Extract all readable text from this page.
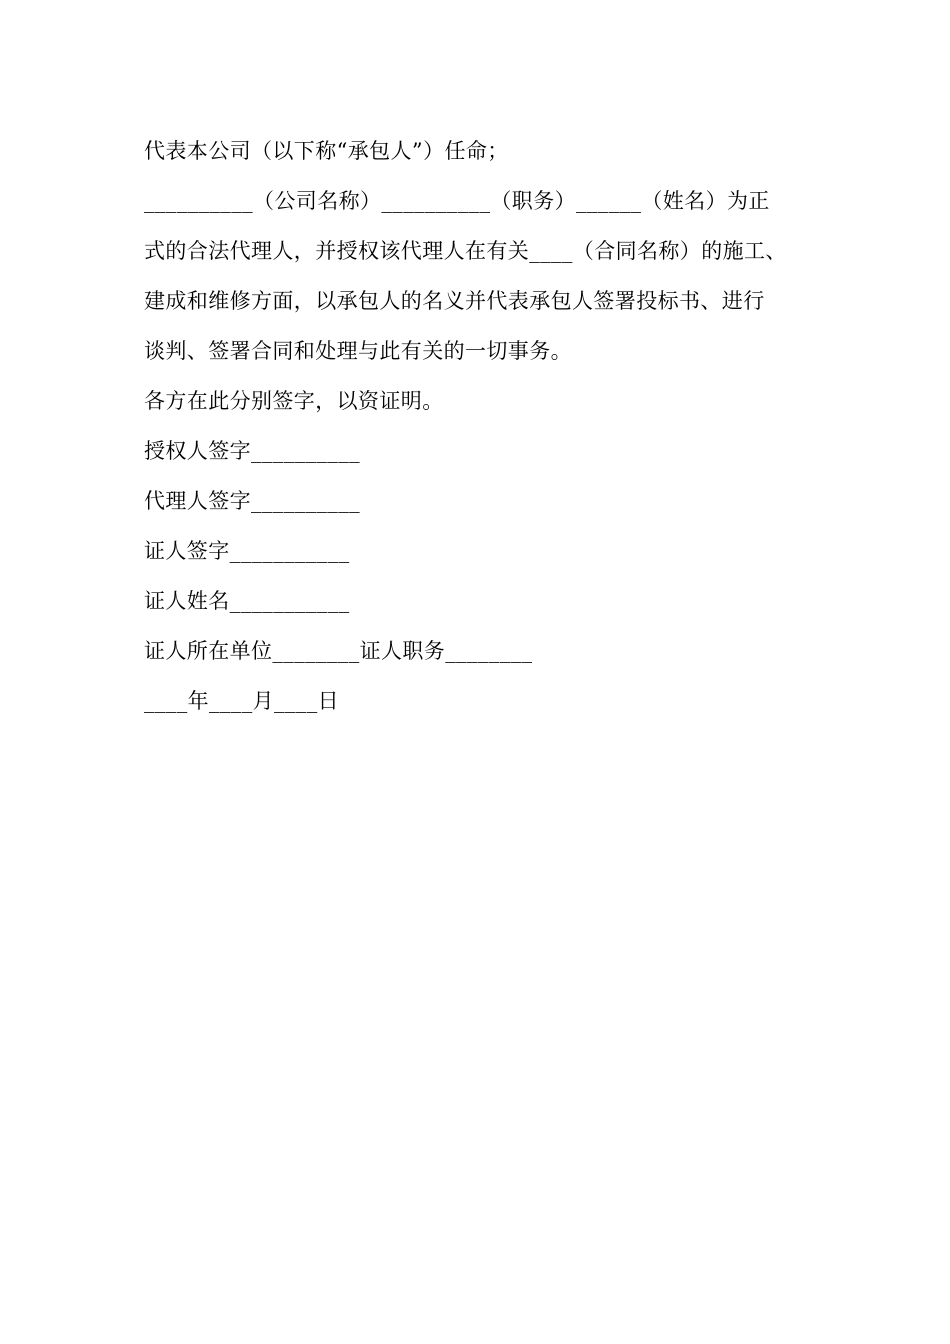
代表本公司（以下称“承包人”）任命；
__________（公司名称）__________（职务）______（姓名）为正
式的合法代理人，并授权该代理人在有关____（合同名称）的施工、
建成和维修方面，以承包人的名义并代表承包人签署投标书、进行
谈判、签署合同和处理与此有关的一切事务。
各方在此分别签字，以资证明。
授权人签字__________
代理人签字__________
证人签字___________
证人姓名___________
证人所在单位________证人职务________
____年____月____日
